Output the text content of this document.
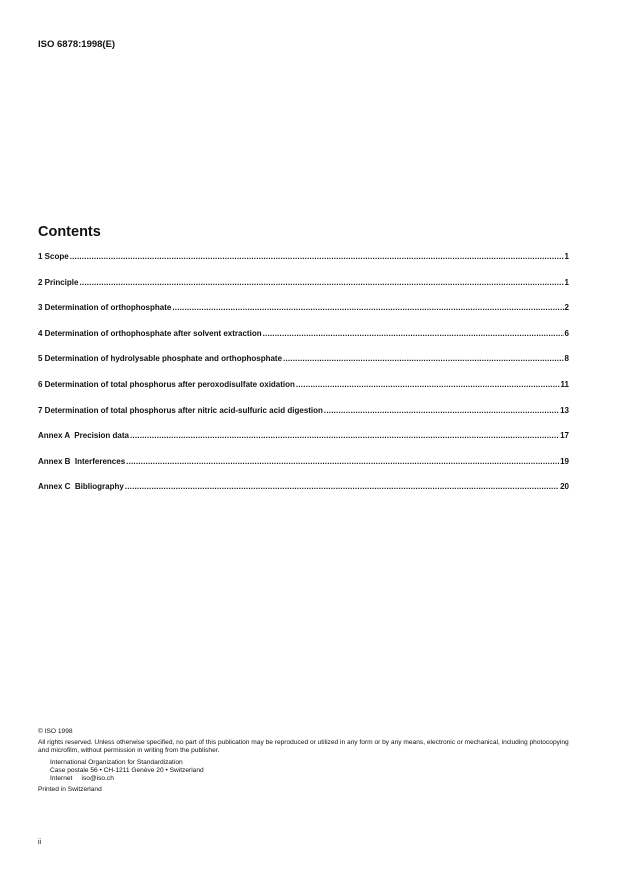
ISO 6878:1998(E)
Contents
1 Scope .....	1
2 Principle .....	1
3 Determination of orthophosphate .....	2
4 Determination of orthophosphate after solvent extraction .....	6
5 Determination of hydrolysable phosphate and orthophosphate .....	8
6 Determination of total phosphorus after peroxodisulfate oxidation .....	11
7 Determination of total phosphorus after nitric acid-sulfuric acid digestion .....	13
Annex A  Precision data .....	17
Annex B  Interferences .....	19
Annex C  Bibliography .....	20

© ISO 1998

All rights reserved. Unless otherwise specified, no part of this publication may be reproduced or utilized in any form or by any means, electronic or mechanical, including photocopying and microfilm, without permission in writing from the publisher.

International Organization for Standardization

Case postale 56 • CH-1211 Genève 20 • Switzerland

Internet     iso@iso.ch

Printed in Switzerland

ii
